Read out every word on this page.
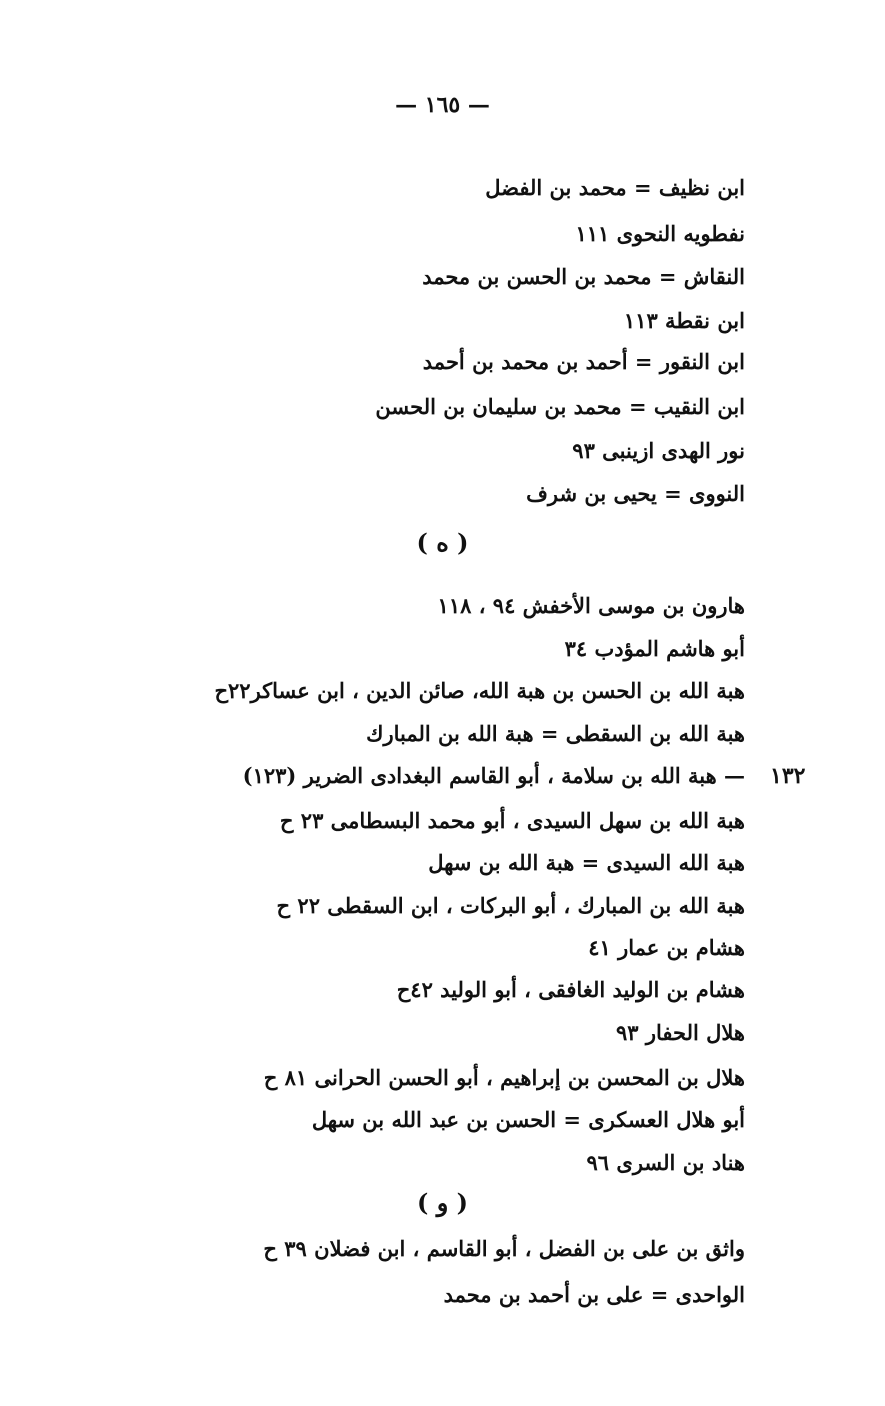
— ١٦٥ —
ابن نظيف = محمد بن الفضل
نفطويه النحوى ١١١
النقاش = محمد بن الحسن بن محمد
ابن نقطة ١١٣
ابن النقور = أحمد بن محمد بن أحمد
ابن النقيب = محمد بن سليمان بن الحسن
نور الهدى ازينبى ٩٣
النووى = يحيى بن شرف
( ه )
هارون بن موسى الأخفش ٩٤ ، ١١٨
أبو هاشم المؤدب ٣٤
هبة الله بن الحسن بن هبة الله، صائن الدين ، ابن عساكر٢٢ح
هبة الله بن السقطى = هبة الله بن المبارك
— هبة الله بن سلامة ، أبو القاسم البغدادى الضرير (١٢٣) ١٣٢
هبة الله بن سهل السيدى ، أبو محمد البسطامى ٢٣ ح
هبة الله السيدى = هبة الله بن سهل
هبة الله بن المبارك ، أبو البركات ، ابن السقطى ٢٢ ح
هشام بن عمار ٤١
هشام بن الوليد الغافقى ، أبو الوليد ٤٢ح
هلال الحفار ٩٣
هلال بن المحسن بن إبراهيم ، أبو الحسن الحرانى ٨١ ح
أبو هلال العسكرى = الحسن بن عبد الله بن سهل
هناد بن السرى ٩٦
( و )
واثق بن على بن الفضل ، أبو القاسم ، ابن فضلان ٣٩ ح
الواحدى = على بن أحمد بن محمد
